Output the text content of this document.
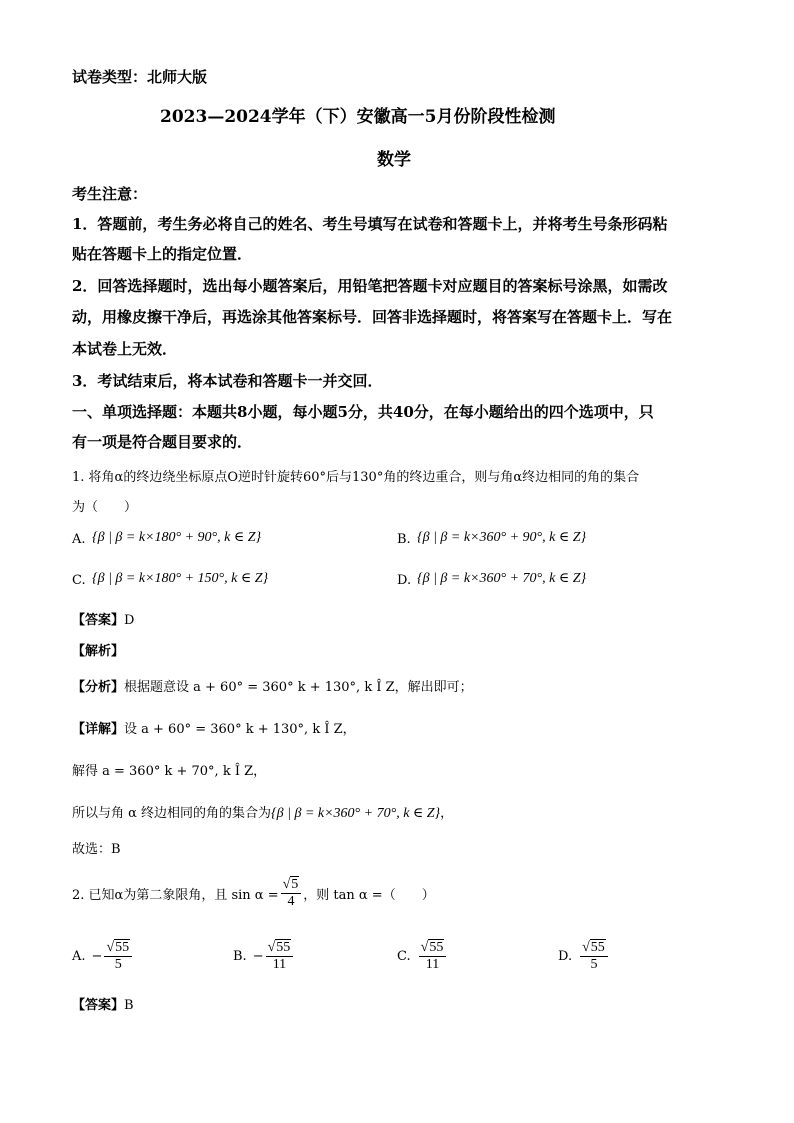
试卷类型：北师大版
2023—2024学年（下）安徽高一5月份阶段性检测
数学
考生注意：
1．答题前，考生务必将自己的姓名、考生号填写在试卷和答题卡上，并将考生号条形码粘
贴在答题卡上的指定位置．
2．回答选择题时，选出每小题答案后，用铅笔把答题卡对应题目的答案标号涂黑，如需改
动，用橡皮擦干净后，再选涂其他答案标号．回答非选择题时，将答案写在答题卡上．写在
本试卷上无效．
3．考试结束后，将本试卷和答题卡一并交回．
一、单项选择题：本题共8小题，每小题5分，共40分，在每小题给出的四个选项中，只
有一项是符合题目要求的．
1. 将角α的终边绕坐标原点O逆时针旋转60°后与130°角的终边重合，则与角α终边相同的角的集合
为（　　）
A. {β | β = k×180° + 90°, k ∈ Z}	B. {β | β = k×360° + 90°, k ∈ Z}
C. {β | β = k×180° + 150°, k ∈ Z}	D. {β | β = k×360° + 70°, k ∈ Z}
【答案】D
【解析】
【分析】根据题意设 a + 60° = 360° k + 130°, k Î Z，解出即可；
【详解】设 a + 60° = 360° k + 130°, k Î Z，
解得 a = 360° k + 70°, k Î Z，
所以与角 α 终边相同的角的集合为{β | β = k×360° + 70°, k ∈ Z}，
故选：B
2. 已知α为第二象限角，且 $\sin \alpha = \frac{√5}{4}$ ，则 tan α =（　　）
A. − $\frac{√55}{5}$	B. − $\frac{√55}{11}$	C. $\frac{√55}{11}$	D. $\frac{√55}{5}$
【答案】B
